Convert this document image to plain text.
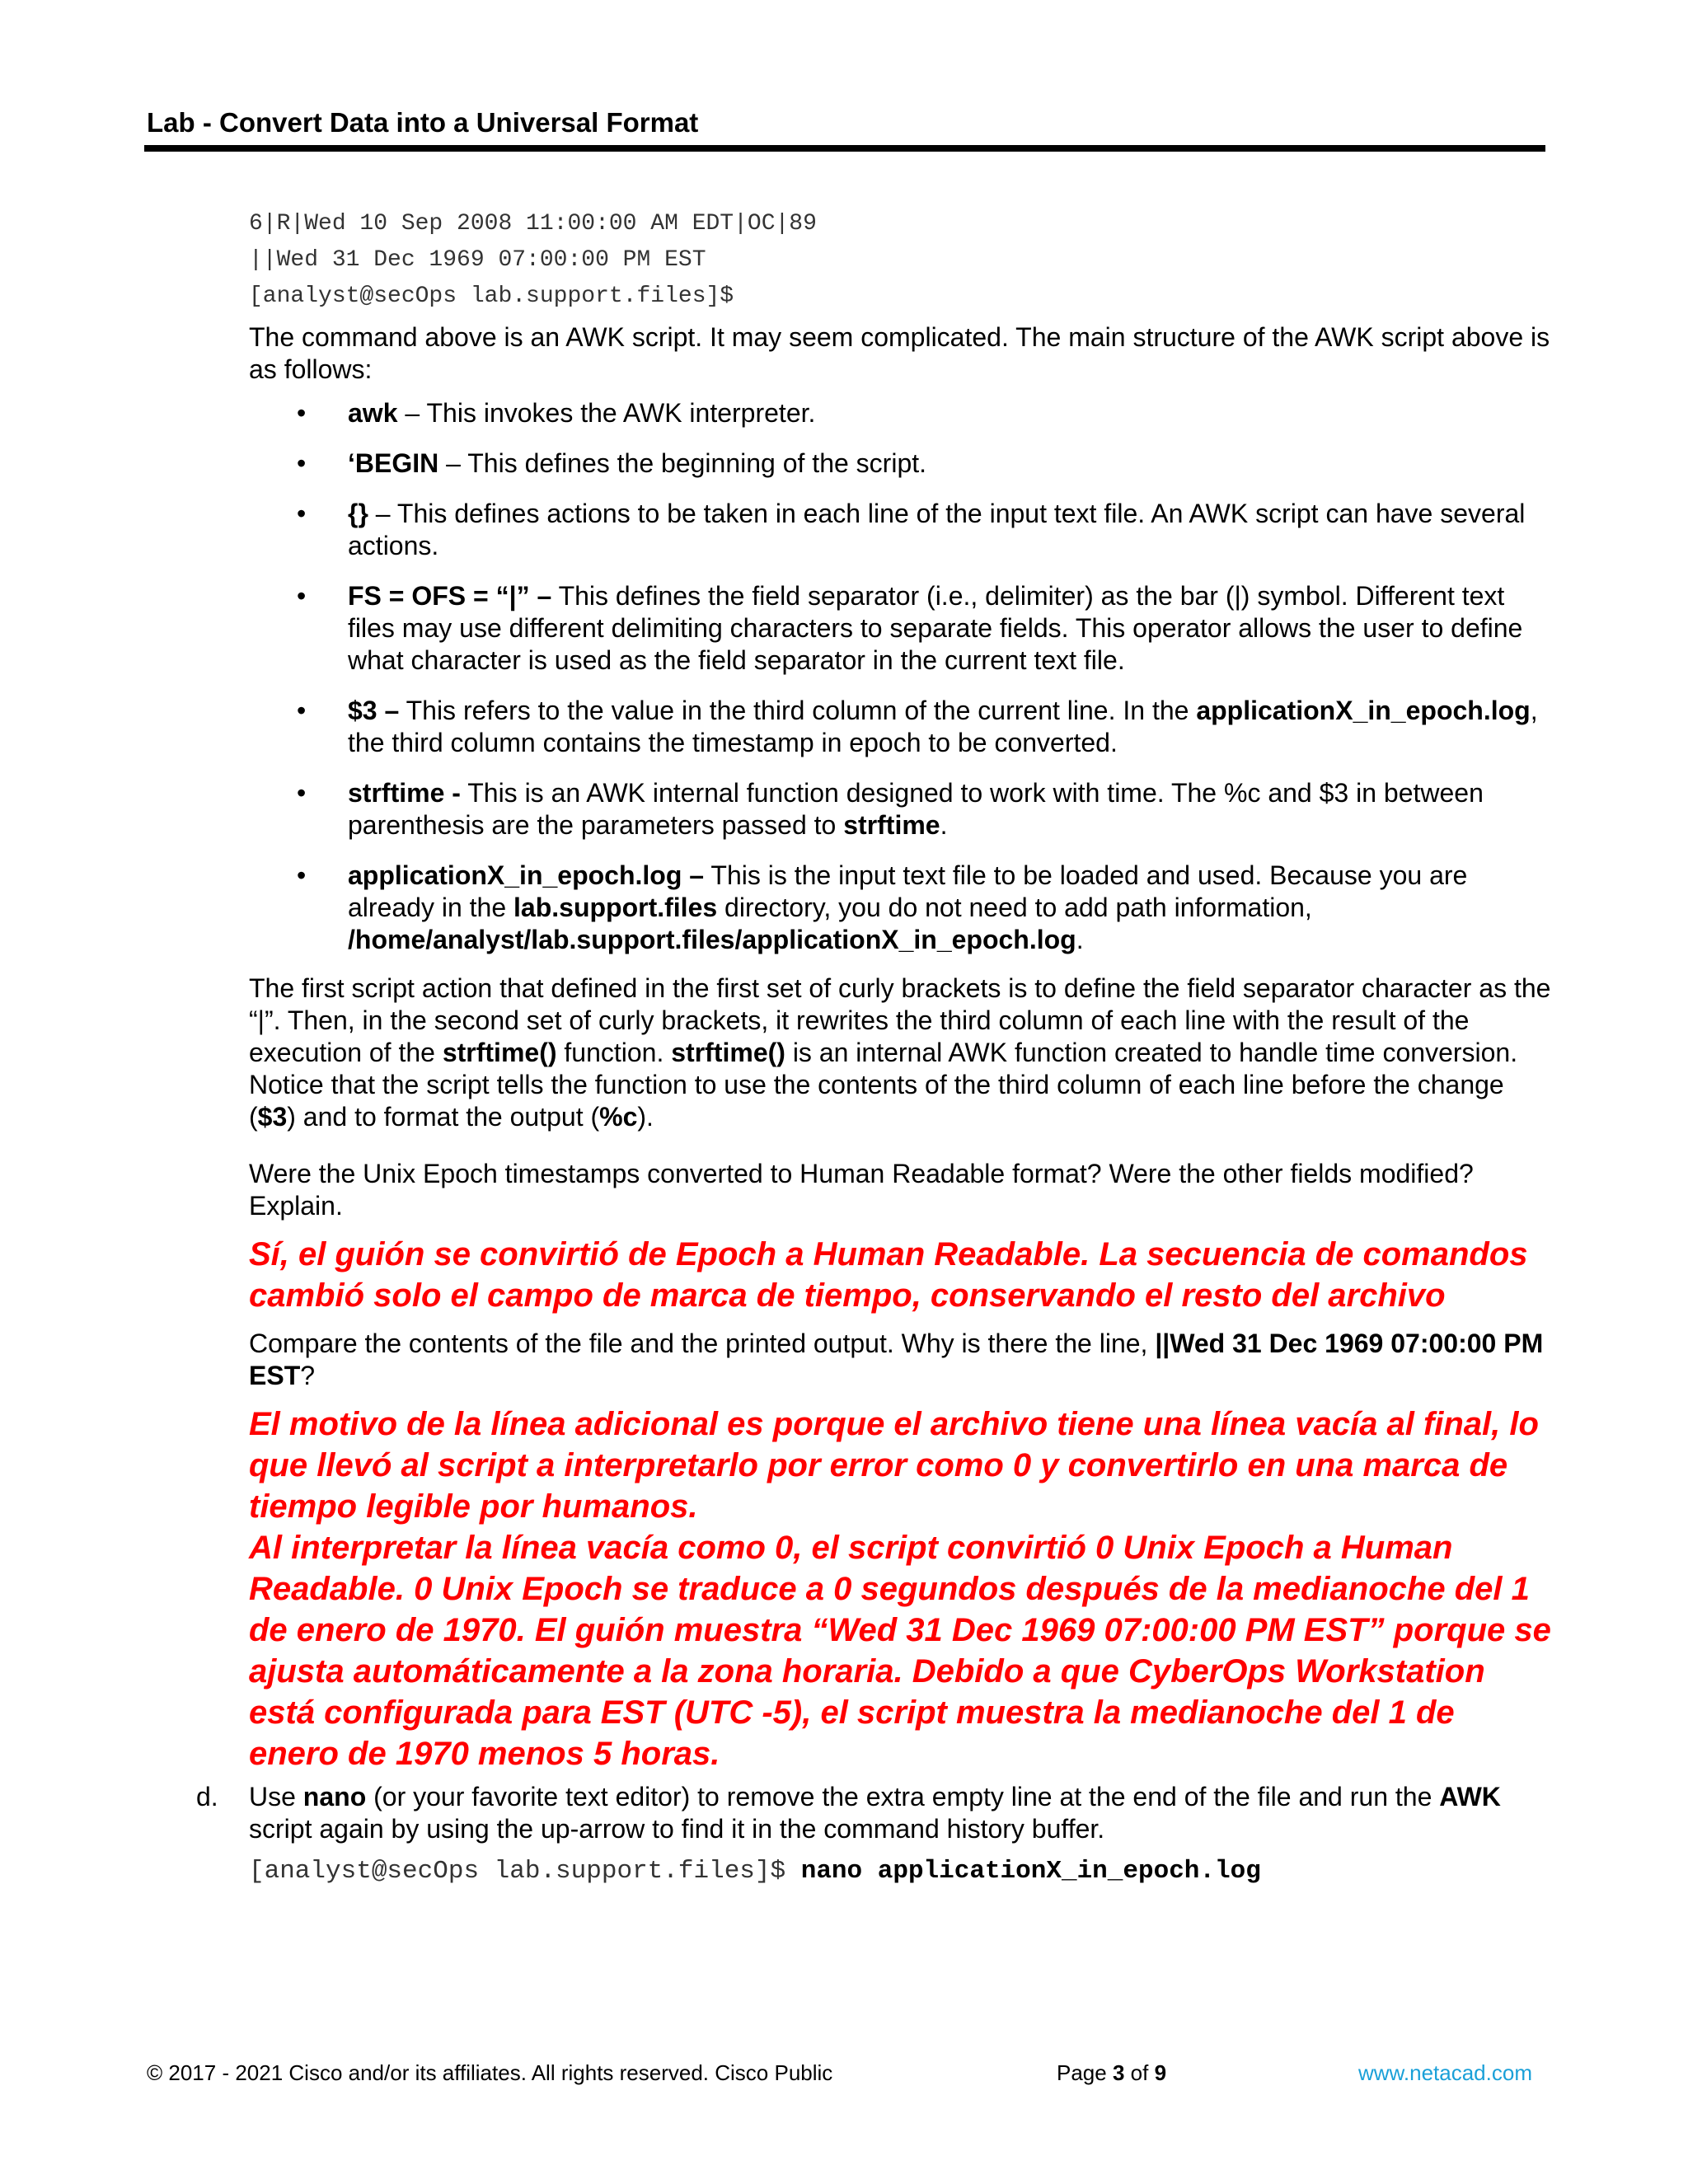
Lab - Convert Data into a Universal Format
6|R|Wed 10 Sep 2008 11:00:00 AM EDT|OC|89
||Wed 31 Dec 1969 07:00:00 PM EST
[analyst@secOps lab.support.files]$

The command above is an AWK script. It may seem complicated. The main structure of the AWK script above is as follows:

• awk – This invokes the AWK interpreter.
• ‘BEGIN – This defines the beginning of the script.
• {} – This defines actions to be taken in each line of the input text file. An AWK script can have several actions.
• FS = OFS = “|” – This defines the field separator (i.e., delimiter) as the bar (|) symbol. Different text files may use different delimiting characters to separate fields. This operator allows the user to define what character is used as the field separator in the current text file.
• $3 – This refers to the value in the third column of the current line. In the applicationX_in_epoch.log, the third column contains the timestamp in epoch to be converted.
• strftime - This is an AWK internal function designed to work with time. The %c and $3 in between parenthesis are the parameters passed to strftime.
• applicationX_in_epoch.log – This is the input text file to be loaded and used. Because you are already in the lab.support.files directory, you do not need to add path information, /home/analyst/lab.support.files/applicationX_in_epoch.log.

The first script action that defined in the first set of curly brackets is to define the field separator character as the “|”. Then, in the second set of curly brackets, it rewrites the third column of each line with the result of the execution of the strftime() function. strftime() is an internal AWK function created to handle time conversion. Notice that the script tells the function to use the contents of the third column of each line before the change ($3) and to format the output (%c).

Were the Unix Epoch timestamps converted to Human Readable format? Were the other fields modified? Explain.

Sí, el guión se convirtió de Epoch a Human Readable. La secuencia de comandos cambió solo el campo de marca de tiempo, conservando el resto del archivo

Compare the contents of the file and the printed output. Why is there the line, ||Wed 31 Dec 1969 07:00:00 PM EST?

El motivo de la línea adicional es porque el archivo tiene una línea vacía al final, lo que llevó al script a interpretarlo por error como 0 y convertirlo en una marca de tiempo legible por humanos.

Al interpretar la línea vacía como 0, el script convirtió 0 Unix Epoch a Human Readable. 0 Unix Epoch se traduce a 0 segundos después de la medianoche del 1 de enero de 1970. El guión muestra “Wed 31 Dec 1969 07:00:00 PM EST” porque se ajusta automáticamente a la zona horaria. Debido a que CyberOps Workstation está configurada para EST (UTC -5), el script muestra la medianoche del 1 de enero de 1970 menos 5 horas.

d. Use nano (or your favorite text editor) to remove the extra empty line at the end of the file and run the AWK script again by using the up-arrow to find it in the command history buffer.

[analyst@secOps lab.support.files]$ nano applicationX_in_epoch.log
© 2017 - 2021 Cisco and/or its affiliates. All rights reserved. Cisco Public	Page 3 of 9	www.netacad.com
